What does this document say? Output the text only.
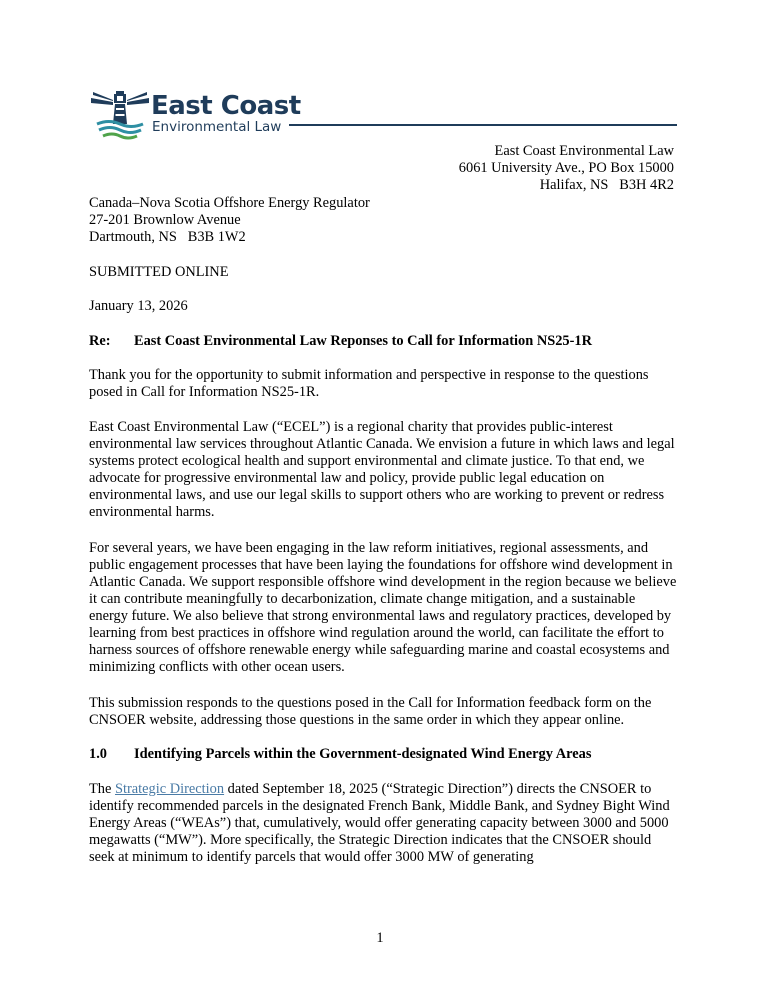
East Coast
Environmental Law
East Coast Environmental Law
6061 University Ave., PO Box 15000
Halifax, NS   B3H 4R2
Canada–Nova Scotia Offshore Energy Regulator
27-201 Brownlow Avenue
Dartmouth, NS   B3B 1W2
SUBMITTED ONLINE
January 13, 2026
Re: East Coast Environmental Law Reponses to Call for Information NS25-1R

Thank you for the opportunity to submit information and perspective in response to the questions posed in Call for Information NS25-1R.

East Coast Environmental Law (“ECEL”) is a regional charity that provides public-interest environmental law services throughout Atlantic Canada. We envision a future in which laws and legal systems protect ecological health and support environmental and climate justice. To that end, we advocate for progressive environmental law and policy, provide public legal education on environmental laws, and use our legal skills to support others who are working to prevent or redress environmental harms.

For several years, we have been engaging in the law reform initiatives, regional assessments, and public engagement processes that have been laying the foundations for offshore wind development in Atlantic Canada. We support responsible offshore wind development in the region because we believe it can contribute meaningfully to decarbonization, climate change mitigation, and a sustainable energy future. We also believe that strong environmental laws and regulatory practices, developed by learning from best practices in offshore wind regulation around the world, can facilitate the effort to harness sources of offshore renewable energy while safeguarding marine and coastal ecosystems and minimizing conflicts with other ocean users.

This submission responds to the questions posed in the Call for Information feedback form on the CNSOER website, addressing those questions in the same order in which they appear online.

1.0 Identifying Parcels within the Government-designated Wind Energy Areas

The Strategic Direction dated September 18, 2025 (“Strategic Direction”) directs the CNSOER to identify recommended parcels in the designated French Bank, Middle Bank, and Sydney Bight Wind Energy Areas (“WEAs”) that, cumulatively, would offer generating capacity between 3000 and 5000 megawatts (“MW”). More specifically, the Strategic Direction indicates that the CNSOER should seek at minimum to identify parcels that would offer 3000 MW of generating

1
